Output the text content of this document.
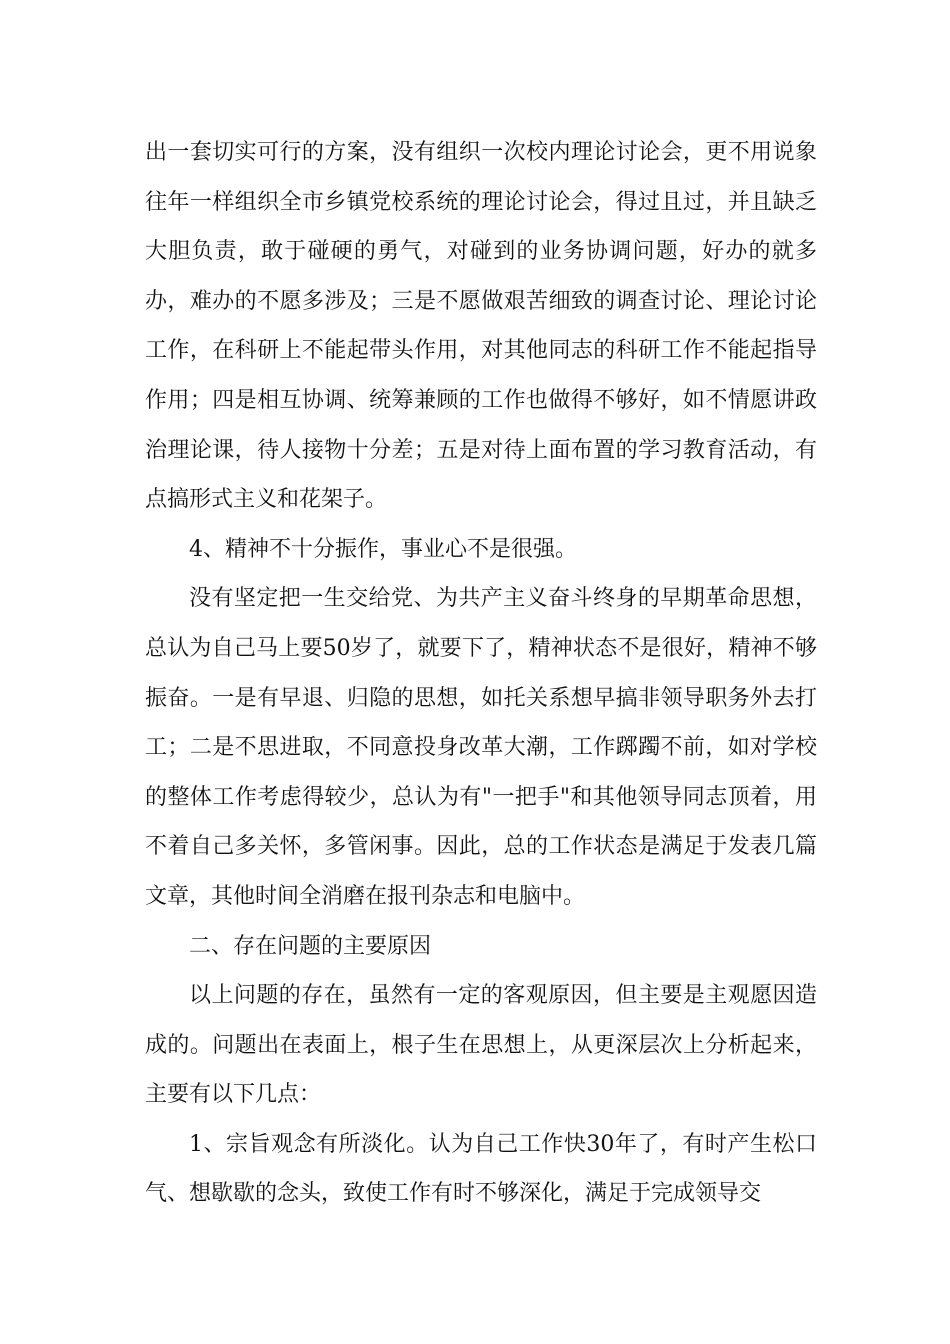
出一套切实可行的方案，没有组织一次校内理论讨论会，更不用说象往年一样组织全市乡镇党校系统的理论讨论会，得过且过，并且缺乏大胆负责，敢于碰硬的勇气，对碰到的业务协调问题，好办的就多办，难办的不愿多涉及；三是不愿做艰苦细致的调查讨论、理论讨论工作，在科研上不能起带头作用，对其他同志的科研工作不能起指导作用；四是相互协调、统筹兼顾的工作也做得不够好，如不情愿讲政治理论课，待人接物十分差；五是对待上面布置的学习教育活动，有点搞形式主义和花架子。

4、精神不十分振作，事业心不是很强。

没有坚定把一生交给党、为共产主义奋斗终身的早期革命思想，总认为自己马上要50岁了，就要下了，精神状态不是很好，精神不够振奋。一是有早退、归隐的思想，如托关系想早搞非领导职务外去打工；二是不思进取，不同意投身改革大潮，工作踯躅不前，如对学校的整体工作考虑得较少，总认为有"一把手"和其他领导同志顶着，用不着自己多关怀，多管闲事。因此，总的工作状态是满足于发表几篇文章，其他时间全消磨在报刊杂志和电脑中。

二、存在问题的主要原因

以上问题的存在，虽然有一定的客观原因，但主要是主观愿因造成的。问题出在表面上，根子生在思想上，从更深层次上分析起来，主要有以下几点：

1、宗旨观念有所淡化。认为自己工作快30年了，有时产生松口气、想歇歇的念头，致使工作有时不够深化，满足于完成领导交
